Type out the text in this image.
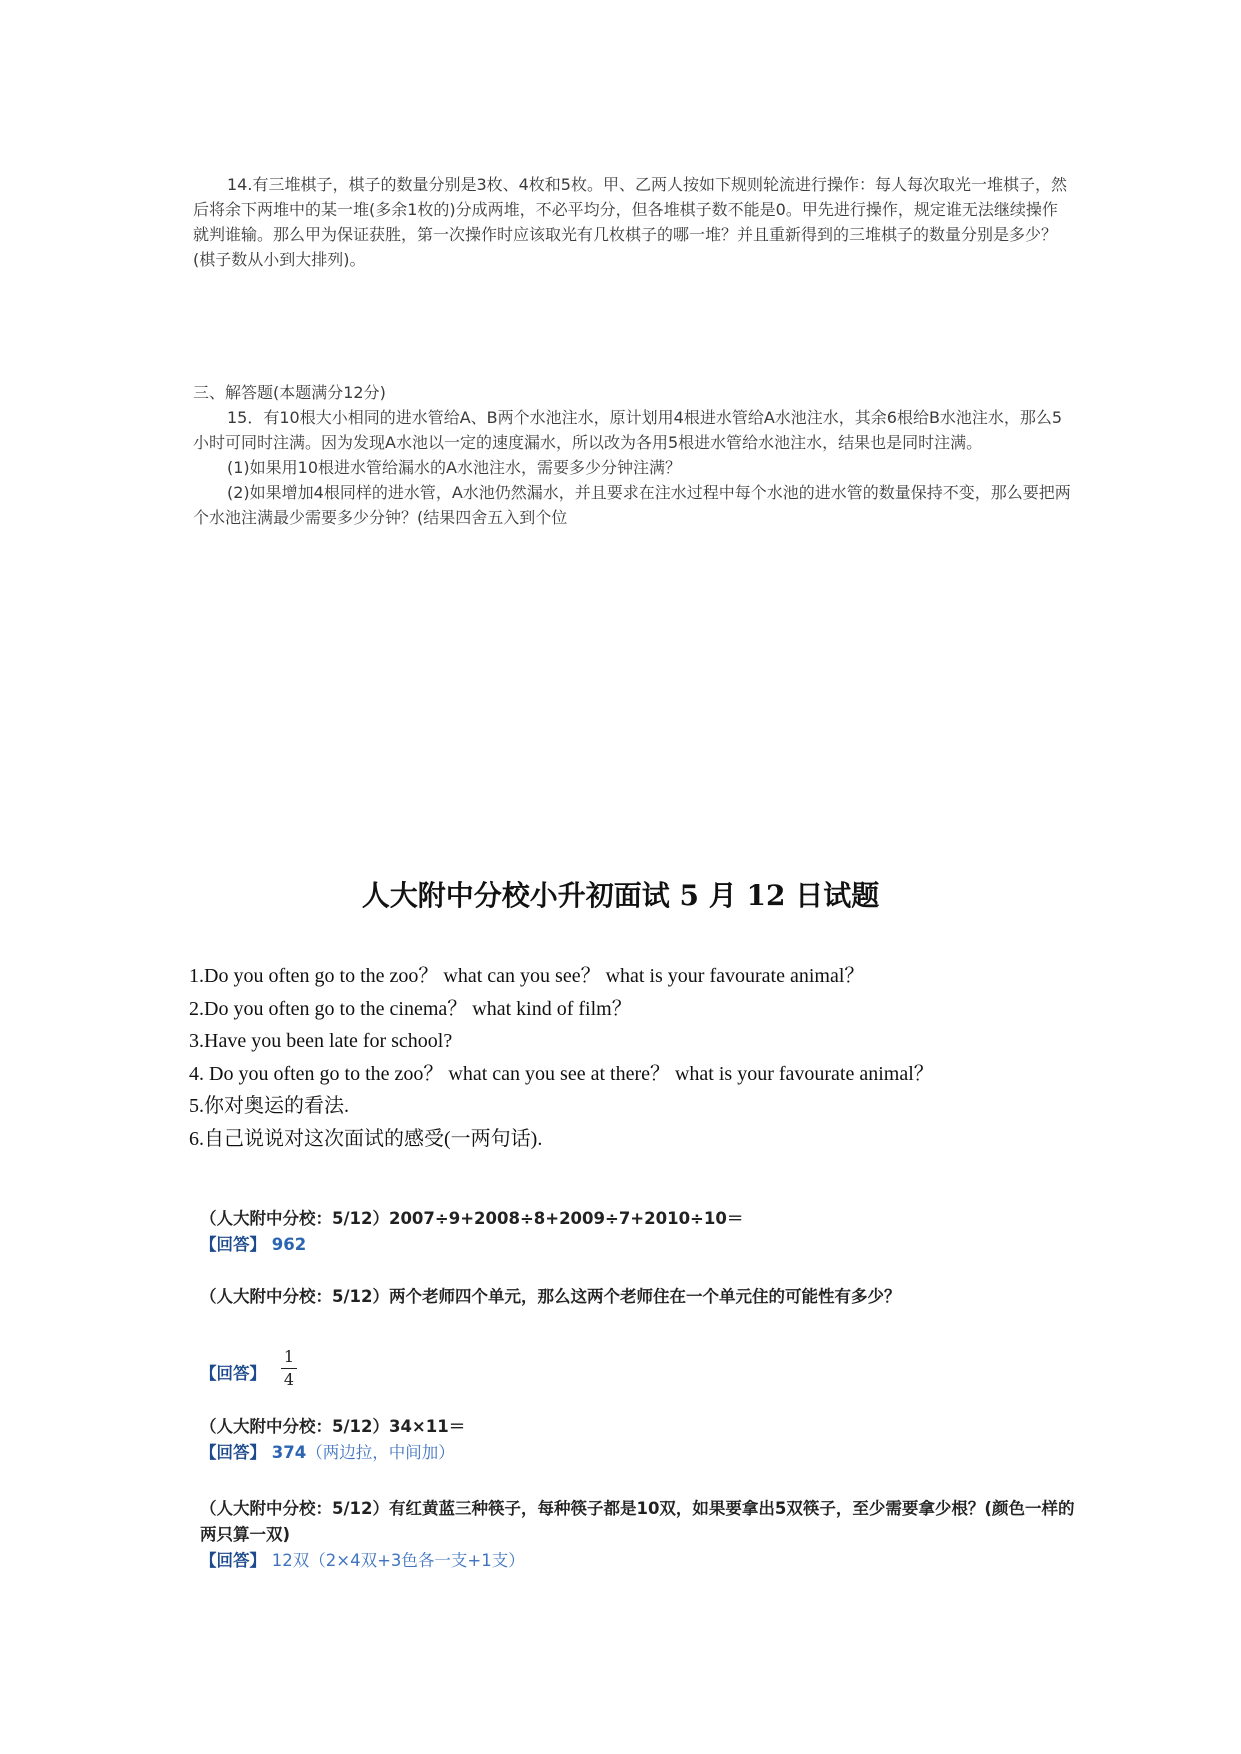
14.有三堆棋子，棋子的数量分别是3枚、4枚和5枚。甲、乙两人按如下规则轮流进行操作：每人每次取光一堆棋子，然后将余下两堆中的某一堆(多余1枚的)分成两堆，不必平均分，但各堆棋子数不能是0。甲先进行操作，规定谁无法继续操作就判谁输。那么甲为保证获胜，第一次操作时应该取光有几枚棋子的哪一堆？并且重新得到的三堆棋子的数量分别是多少？(棋子数从小到大排列)。

三、解答题(本题满分12分)

15．有10根大小相同的进水管给A、B两个水池注水，原计划用4根进水管给A水池注水，其余6根给B水池注水，那么5小时可同时注满。因为发现A水池以一定的速度漏水，所以改为各用5根进水管给水池注水，结果也是同时注满。

(1)如果用10根进水管给漏水的A水池注水，需要多少分钟注满？

(2)如果增加4根同样的进水管，A水池仍然漏水，并且要求在注水过程中每个水池的进水管的数量保持不变，那么要把两个水池注满最少需要多少分钟？(结果四舍五入到个位

人大附中分校小升初面试 5 月 12 日试题
1.Do you often go to the zoo？ what can you see？ what is your favourate animal？
2.Do you often go to the cinema？ what kind of film？
3.Have you been late for school?
4. Do you often go to the zoo？ what can you see at there？ what is your favourate animal？
5.你对奥运的看法.
6.自己说说对这次面试的感受(一两句话).

（人大附中分校：5/12）2007÷9+2008÷8+2009÷7+2010÷10＝

【回答】 962

（人大附中分校：5/12）两个老师四个单元，那么这两个老师住在一个单元住的可能性有多少？

【回答】
1
4

（人大附中分校：5/12）34×11＝

【回答】 374（两边拉，中间加）

（人大附中分校：5/12）有红黄蓝三种筷子，每种筷子都是10双，如果要拿出5双筷子，至少需要拿少根？(颜色一样的两只算一双)

【回答】 12双（2×4双+3色各一支+1支）
